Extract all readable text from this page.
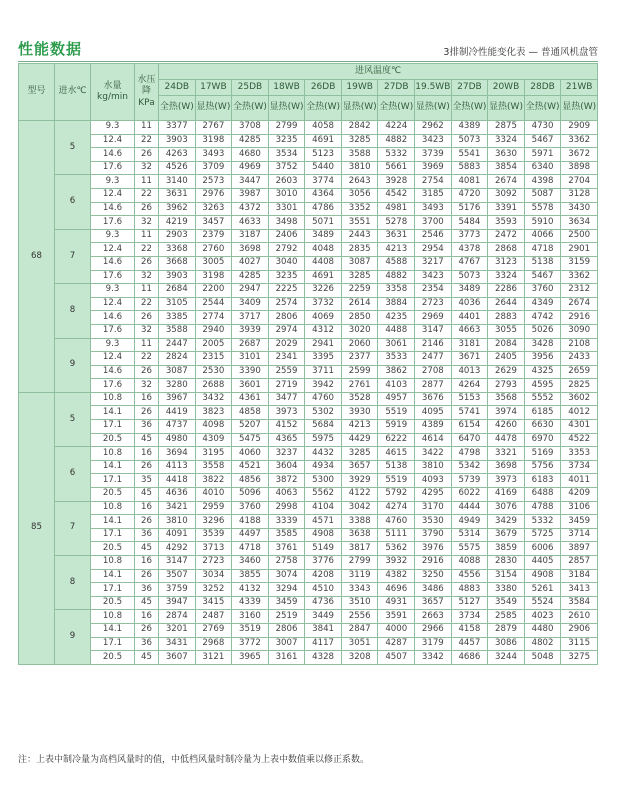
性能数据	3排制冷性能变化表 — 普通风机盘管
型号	进水℃	水量kg/min	水压降KPa	进风温度℃											
				24DB	17WB	25DB	18WB	26DB	19WB	27DB	19.5WB	27DB	20WB	28DB	21WB
				全热(W)	显热(W)	全热(W)	显热(W)	全热(W)	显热(W)	全热(W)	显热(W)	全热(W)	显热(W)	全热(W)	显热(W)
68	5	9.3	11	3377	2767	3708	2799	4058	2842	4224	2962	4389	2875	4730	2909
		12.4	22	3903	3198	4285	3235	4691	3285	4882	3423	5073	3324	5467	3362
		14.6	26	4263	3493	4680	3534	5123	3588	5332	3739	5541	3630	5971	3672
		17.6	32	4526	3709	4969	3752	5440	3810	5661	3969	5883	3854	6340	3898
	6	9.3	11	3140	2573	3447	2603	3774	2643	3928	2754	4081	2674	4398	2704
		12.4	22	3631	2976	3987	3010	4364	3056	4542	3185	4720	3092	5087	3128
		14.6	26	3962	3263	4372	3301	4786	3352	4981	3493	5176	3391	5578	3430
		17.6	32	4219	3457	4633	3498	5071	3551	5278	3700	5484	3593	5910	3634
	7	9.3	11	2903	2379	3187	2406	3489	2443	3631	2546	3773	2472	4066	2500
		12.4	22	3368	2760	3698	2792	4048	2835	4213	2954	4378	2868	4718	2901
		14.6	26	3668	3005	4027	3040	4408	3087	4588	3217	4767	3123	5138	3159
		17.6	32	3903	3198	4285	3235	4691	3285	4882	3423	5073	3324	5467	3362
	8	9.3	11	2684	2200	2947	2225	3226	2259	3358	2354	3489	2286	3760	2312
		12.4	22	3105	2544	3409	2574	3732	2614	3884	2723	4036	2644	4349	2674
		14.6	26	3385	2774	3717	2806	4069	2850	4235	2969	4401	2883	4742	2916
		17.6	32	3588	2940	3939	2974	4312	3020	4488	3147	4663	3055	5026	3090
	9	9.3	11	2447	2005	2687	2029	2941	2060	3061	2146	3181	2084	3428	2108
		12.4	22	2824	2315	3101	2341	3395	2377	3533	2477	3671	2405	3956	2433
		14.6	26	3087	2530	3390	2559	3711	2599	3862	2708	4013	2629	4325	2659
		17.6	32	3280	2688	3601	2719	3942	2761	4103	2877	4264	2793	4595	2825
85	5	10.8	16	3967	3432	4361	3477	4760	3528	4957	3676	5153	3568	5552	3602
		14.1	26	4419	3823	4858	3973	5302	3930	5519	4095	5741	3974	6185	4012
		17.1	36	4737	4098	5207	4152	5684	4213	5919	4389	6154	4260	6630	4301
		20.5	45	4980	4309	5475	4365	5975	4429	6222	4614	6470	4478	6970	4522
	6	10.8	16	3694	3195	4060	3237	4432	3285	4615	3422	4798	3321	5169	3353
		14.1	26	4113	3558	4521	3604	4934	3657	5138	3810	5342	3698	5756	3734
		17.1	35	4418	3822	4856	3872	5300	3929	5519	4093	5739	3973	6183	4011
		20.5	45	4636	4010	5096	4063	5562	4122	5792	4295	6022	4169	6488	4209
	7	10.8	16	3421	2959	3760	2998	4104	3042	4274	3170	4444	3076	4788	3106
		14.1	26	3810	3296	4188	3339	4571	3388	4760	3530	4949	3429	5332	3459
		17.1	36	4091	3539	4497	3585	4908	3638	5111	3790	5314	3679	5725	3714
		20.5	45	4292	3713	4718	3761	5149	3817	5362	3976	5575	3859	6006	3897
	8	10.8	16	3147	2723	3460	2758	3776	2799	3932	2916	4088	2830	4405	2857
		14.1	26	3507	3034	3855	3074	4208	3119	4382	3250	4556	3154	4908	3184
		17.1	36	3759	3252	4132	3294	4510	3343	4696	3486	4883	3380	5261	3413
		20.5	45	3947	3415	4339	3459	4736	3510	4931	3657	5127	3549	5524	3584
	9	10.8	16	2874	2487	3160	2519	3449	2556	3591	2663	3734	2585	4023	2610
		14.1	26	3201	2769	3519	2806	3841	2847	4000	2966	4158	2879	4480	2906
		17.1	36	3431	2968	3772	3007	4117	3051	4287	3179	4457	3086	4802	3115
		20.5	45	3607	3121	3965	3161	4328	3208	4507	3342	4686	3244	5048	3275
注：上表中制冷量为高档风量时的值，中低档风量时制冷量为上表中数值乘以修正系数。
